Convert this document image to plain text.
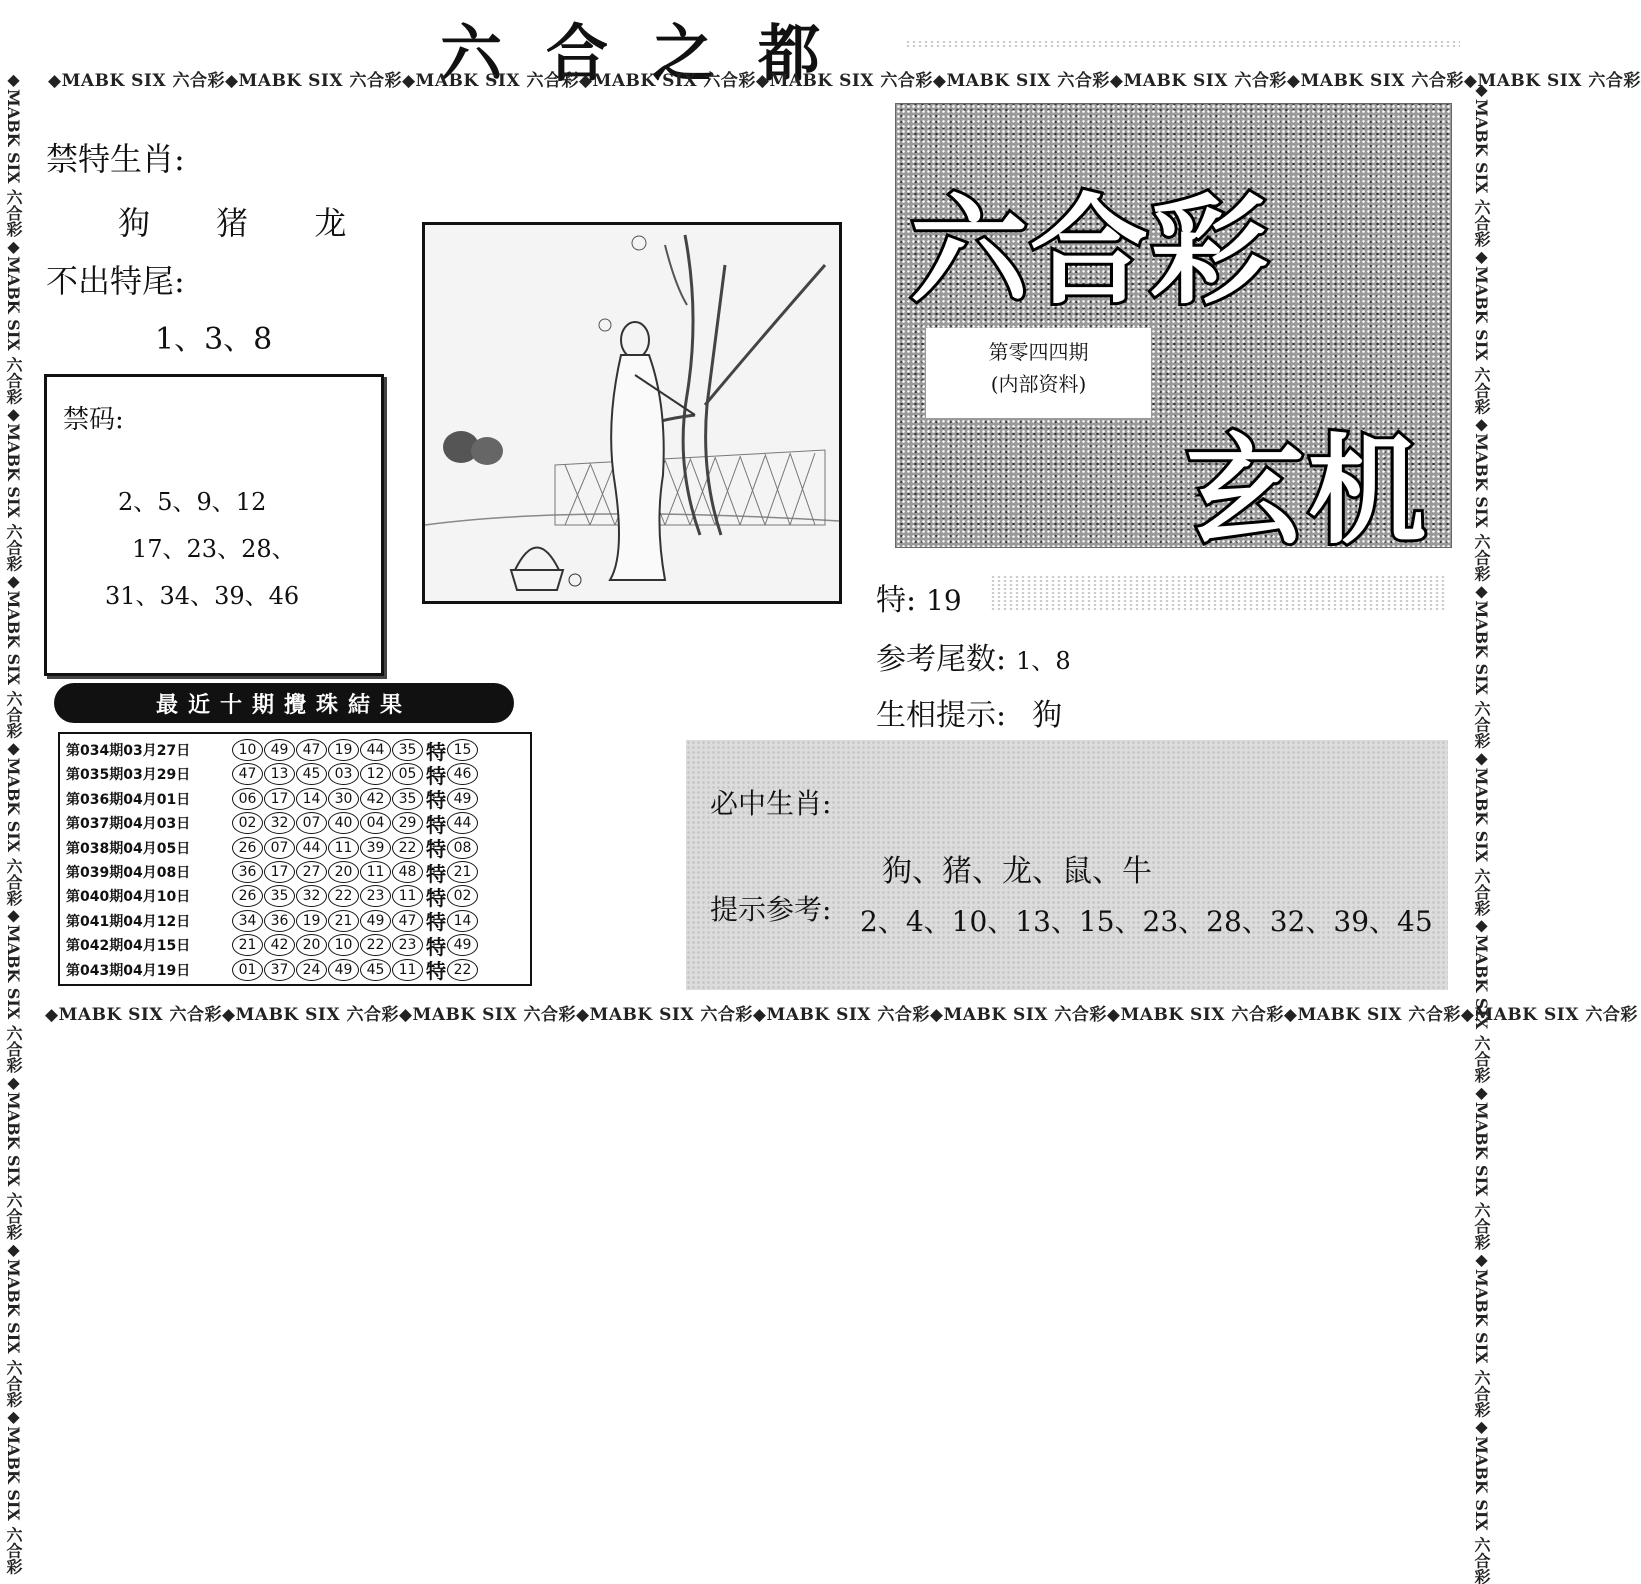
六合之都
◆MABK SIX 六合彩◆MABK SIX 六合彩◆MABK SIX 六合彩◆MABK SIX 六合彩◆MABK SIX 六合彩◆MABK SIX 六合彩◆MABK SIX 六合彩◆MABK SIX 六合彩◆MABK SIX 六合彩
◆MABK SIX 六合彩◆MABK SIX 六合彩◆MABK SIX 六合彩◆MABK SIX 六合彩◆MABK SIX 六合彩◆MABK SIX 六合彩◆MABK SIX 六合彩◆MABK SIX 六合彩◆MABK SIX 六合彩
◆MABK SIX 六合彩◆MABK SIX 六合彩◆MABK SIX 六合彩◆MABK SIX 六合彩◆MABK SIX 六合彩◆MABK SIX 六合彩◆MABK SIX 六合彩◆MABK SIX 六合彩◆MABK SIX 六合彩	◆MABK SIX 六合彩◆MABK SIX 六合彩◆MABK SIX 六合彩◆MABK SIX 六合彩◆MABK SIX 六合彩◆MABK SIX 六合彩◆MABK SIX 六合彩◆MABK SIX 六合彩◆MABK SIX 六合彩
禁特生肖:
狗 猪 龙
不出特尾:
1、3、8
禁码:
2、5、9、12
17、23、28、
31、34、39、46
六合彩
第零四四期
(内部资料)
玄机
特: 19
参考尾数: 1、8
生相提示: 狗
最近十期攪珠結果
第034期03月27日	10	49	47	19	44	35 特 15
第035期03月29日	47	13	45	03	12	05 特 46
第036期04月01日	06	17	14	30	42	35 特 49
第037期04月03日	02	32	07	40	04	29 特 44
第038期04月05日	26	07	44	11	39	22 特 08
第039期04月08日	36	17	27	20	11	48 特 21
第040期04月10日	26	35	32	22	23	11 特 02
第041期04月12日	34	36	19	21	49	47 特 14
第042期04月15日	21	42	20	10	22	23 特 49
第043期04月19日	01	37	24	49	45	11 特 22
必中生肖:
狗、猪、龙、鼠、牛
提示参考: 2、4、10、13、15、23、28、32、39、45
